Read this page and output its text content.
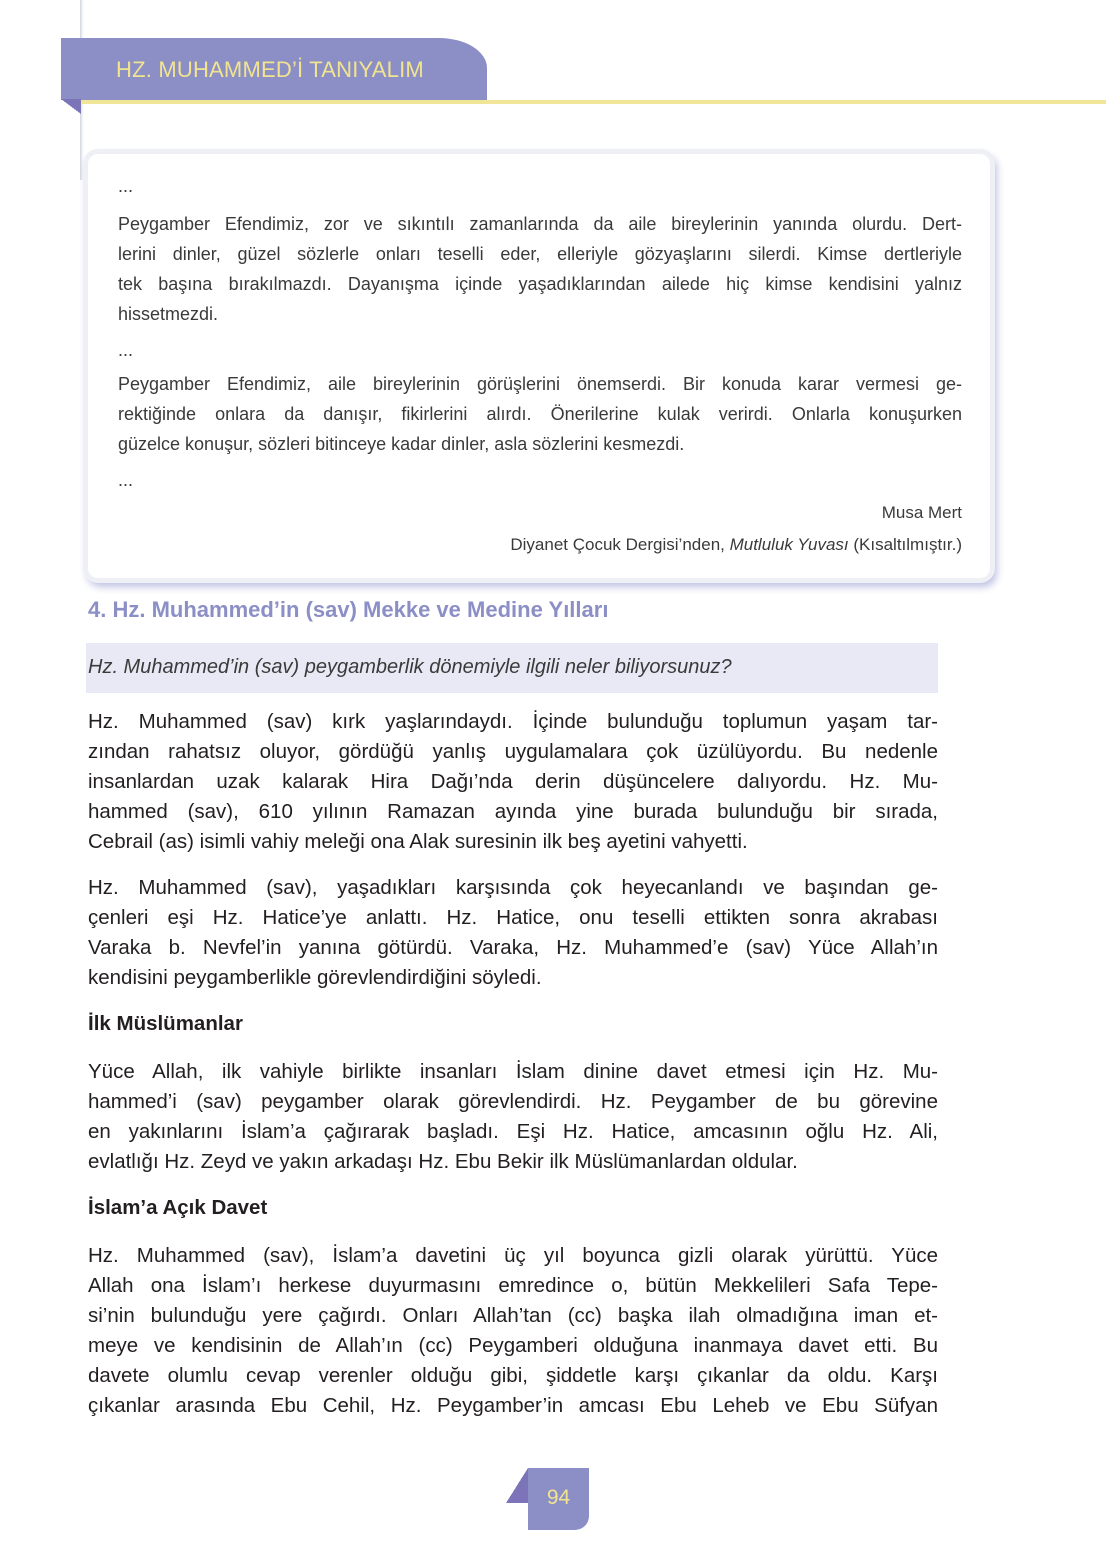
HZ. MUHAMMED’İ TANIYALIM
...
Peygamber Efendimiz, zor ve sıkıntılı zamanlarında da aile bireylerinin yanında olurdu. Dert-
lerini dinler, güzel sözlerle onları teselli eder, elleriyle gözyaşlarını silerdi. Kimse dertleriyle
tek başına bırakılmazdı. Dayanışma içinde yaşadıklarından ailede hiç kimse kendisini yalnız
hissetmezdi.
...
Peygamber Efendimiz, aile bireylerinin görüşlerini önemserdi. Bir konuda karar vermesi ge-
rektiğinde onlara da danışır, fikirlerini alırdı. Önerilerine kulak verirdi. Onlarla konuşurken
güzelce konuşur, sözleri bitinceye kadar dinler, asla sözlerini kesmezdi.
...
Musa Mert
Diyanet Çocuk Dergisi’nden, Mutluluk Yuvası (Kısaltılmıştır.)
4. Hz. Muhammed’in (sav) Mekke ve Medine Yılları
Hz. Muhammed’in (sav) peygamberlik dönemiyle ilgili neler biliyorsunuz?
Hz. Muhammed (sav) kırk yaşlarındaydı. İçinde bulunduğu toplumun yaşam tar-
zından rahatsız oluyor, gördüğü yanlış uygulamalara çok üzülüyordu. Bu nedenle
insanlardan uzak kalarak Hira Dağı’nda derin düşüncelere dalıyordu. Hz. Mu-
hammed (sav), 610 yılının Ramazan ayında yine burada bulunduğu bir sırada,
Cebrail (as) isimli vahiy meleği ona Alak suresinin ilk beş ayetini vahyetti.
Hz. Muhammed (sav), yaşadıkları karşısında çok heyecanlandı ve başından ge-
çenleri eşi Hz. Hatice’ye anlattı. Hz. Hatice, onu teselli ettikten sonra akrabası
Varaka b. Nevfel’in yanına götürdü. Varaka, Hz. Muhammed’e (sav) Yüce Allah’ın
kendisini peygamberlikle görevlendirdiğini söyledi.
İlk Müslümanlar
Yüce Allah, ilk vahiyle birlikte insanları İslam dinine davet etmesi için Hz. Mu-
hammed’i (sav) peygamber olarak görevlendirdi. Hz. Peygamber de bu görevine
en yakınlarını İslam’a çağırarak başladı. Eşi Hz. Hatice, amcasının oğlu Hz. Ali,
evlatlığı Hz. Zeyd ve yakın arkadaşı Hz. Ebu Bekir ilk Müslümanlardan oldular.
İslam’a Açık Davet
Hz. Muhammed (sav), İslam’a davetini üç yıl boyunca gizli olarak yürüttü. Yüce
Allah ona İslam’ı herkese duyurmasını emredince o, bütün Mekkelileri Safa Tepe-
si’nin bulunduğu yere çağırdı. Onları Allah’tan (cc) başka ilah olmadığına iman et-
meye ve kendisinin de Allah’ın (cc) Peygamberi olduğuna inanmaya davet etti. Bu
davete olumlu cevap verenler olduğu gibi, şiddetle karşı çıkanlar da oldu. Karşı
çıkanlar arasında Ebu Cehil, Hz. Peygamber’in amcası Ebu Leheb ve Ebu Süfyan
94
